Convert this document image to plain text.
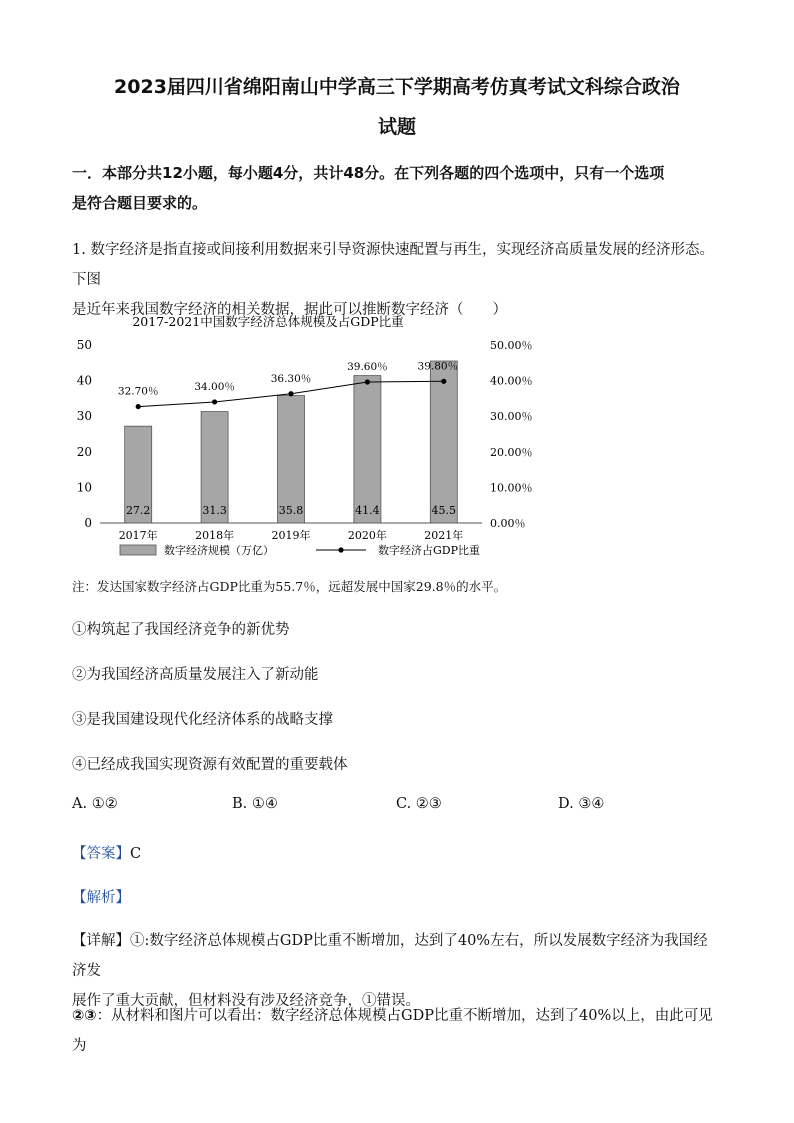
2023届四川省绵阳南山中学高三下学期高考仿真考试文科综合政治
试题
一．本部分共12小题，每小题4分，共计48分。在下列各题的四个选项中，只有一个选项
是符合题目要求的。
1. 数字经济是指直接或间接利用数据来引导资源快速配置与再生，实现经济高质量发展的经济形态。下图
是近年来我国数字经济的相关数据，据此可以推断数字经济（　　）
2017-2021中国数字经济总体规模及占GDP比重
0
10
20
30
40
50
0.00％
10.00％
20.00％
30.00％
40.00％
50.00％
2017年	2018年	2019年	2020年	2021年
27.2	31.3	35.8	41.4	45.5
32.70％	34.00％
36.30％
39.60％	39.80％
数字经济规模（万亿）	数字经济占GDP比重
注：发达国家数字经济占GDP比重为55.7％，远超发展中国家29.8％的水平。
①构筑起了我国经济竞争的新优势
②为我国经济高质量发展注入了新动能
③是我国建设现代化经济体系的战略支撑
④已经成我国实现资源有效配置的重要载体
A. ①②	B. ①④	C. ②③	D. ③④
【答案】C
【解析】
【详解】①:数字经济总体规模占GDP比重不断增加，达到了40%左右，所以发展数字经济为我国经济发
展作了重大贡献，但材料没有涉及经济竞争，①错误。
②③：从材料和图片可以看出：数字经济总体规模占GDP比重不断增加，达到了40%以上，由此可见为
